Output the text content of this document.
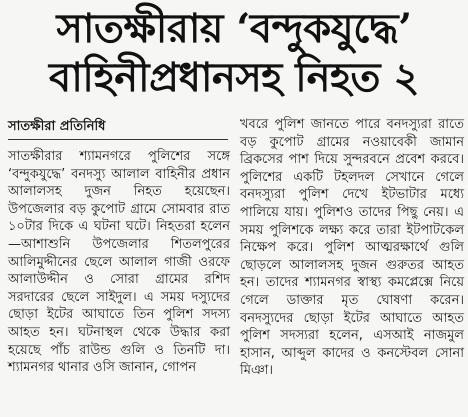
সাতক্ষীরায় ‘বন্দুকযুদ্ধে’
বাহিনীপ্রধানসহ নিহত ২
সাতক্ষীরা প্রতিনিধি

সাতক্ষীরার শ্যামনগরে পুলিশের সঙ্গে ‘বন্দুকযুদ্ধে’ বনদস্যু আলাল বাহিনীর প্রধান আলালসহ দুজন নিহত হয়েছেন। উপজেলার বড় কুপোট গ্রামে সোমবার রাত ১০টার দিকে এ ঘটনা ঘটে। নিহতরা হলেন—আশাশুনি উপজেলার শিতলপুরের আলিমুদ্দীনের ছেলে আলাল গাজী ওরফে আলাউদ্দীন ও সোরা গ্রামের রশিদ সরদারের ছেলে সাইদুল। এ সময় দস্যুদের ছোড়া ইটের আঘাতে তিন পুলিশ সদস্য আহত হন। ঘটনাস্থল থেকে উদ্ধার করা হয়েছে পাঁচ রাউন্ড গুলি ও তিনটি দা। শ্যামনগর থানার ওসি জানান, গোপন

খবরে পুলিশ জানতে পারে বনদস্যুরা রাতে বড় কুপোট গ্রামের নওয়াবেকী জামান ব্রিকসের পাশ দিয়ে সুন্দরবনে প্রবেশ করবে। পুলিশের একটি টহলদল সেখানে গেলে বনদস্যুরা পুলিশ দেখে ইটভাটার মধ্যে পালিয়ে যায়। পুলিশও তাদের পিছু নেয়। এ সময় পুলিশকে লক্ষ্য করে তারা ইটপাটকেল নিক্ষেপ করে। পুলিশ আত্মরক্ষার্থে গুলি ছোড়লে আলালসহ দুজন গুরুতর আহত হন। তাদের শ্যামনগর স্বাস্থ্য কমপ্লেক্সে নিয়ে গেলে ডাক্তার মৃত ঘোষণা করেন। বনদস্যুদের ছোড়া ইটের আঘাতে আহত পুলিশ সদস্যরা হলেন, এসআই নাজমুল হাসান, আব্দুল কাদের ও কনস্টেবল সোনা মিঞা।
